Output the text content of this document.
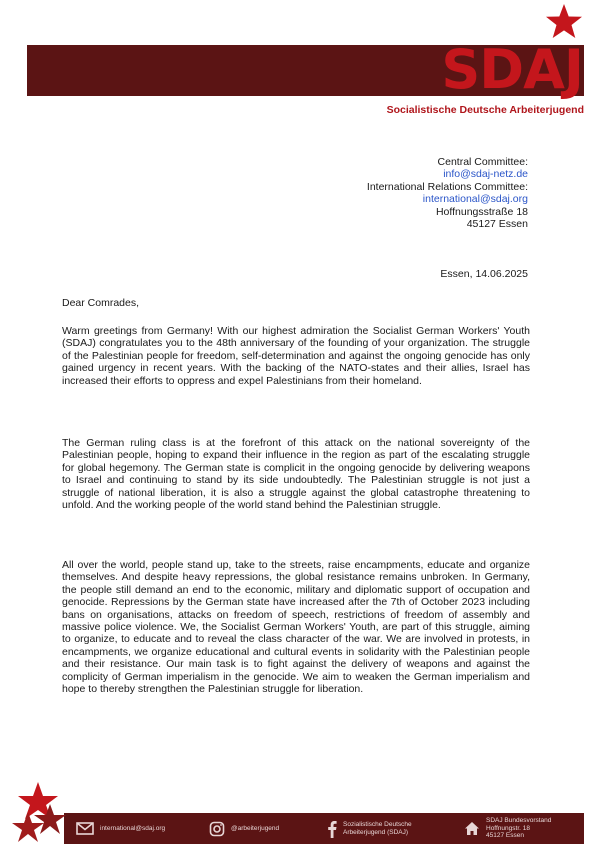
SDAJ
Socialistische Deutsche Arbeiterjugend
Central Committee:
info@sdaj-netz.de
International Relations Committee:
international@sdaj.org
Hoffnungsstraße 18
45127 Essen
Essen, 14.06.2025
Dear Comrades,
Warm greetings from Germany! With our highest admiration the Socialist German Workers' Youth (SDAJ) congratulates you to the 48th anniversary of the founding of your organization. The struggle of the Palestinian people for freedom, self-determination and against the ongoing genocide has only gained urgency in recent years. With the backing of the NATO-states and their allies, Israel has increased their efforts to oppress and expel Palestinians from their homeland.
The German ruling class is at the forefront of this attack on the national sovereignty of the Palestinian people, hoping to expand their influence in the region as part of the escalating struggle for global hegemony. The German state is complicit in the ongoing genocide by delivering weapons to Israel and continuing to stand by its side undoubtedly. The Palestinian struggle is not just a struggle of national liberation, it is also a struggle against the global catastrophe threatening to unfold. And the working people of the world stand behind the Palestinian struggle.
All over the world, people stand up, take to the streets, raise encampments, educate and organize themselves. And despite heavy repressions, the global resistance remains unbroken. In Germany, the people still demand an end to the economic, military and diplomatic support of occupation and genocide. Repressions by the German state have increased after the 7th of October 2023 including bans on organisations, attacks on freedom of speech, restrictions of freedom of assembly and massive police violence. We, the Socialist German Workers' Youth, are part of this struggle, aiming to organize, to educate and to reveal the class character of the war. We are involved in protests, in encampments, we organize educational and cultural events in solidarity with the Palestinian people and their resistance. Our main task is to fight against the delivery of weapons and against the complicity of German imperialism in the genocide. We aim to weaken the German imperialism and hope to thereby strengthen the Palestinian struggle for liberation.
international@sdaj.org	@arbeiterjugend
Sozialistische Deutsche
Arbeiterjugend (SDAJ)
SDAJ Bundesvorstand
Hoffnungstr. 18
45127 Essen
